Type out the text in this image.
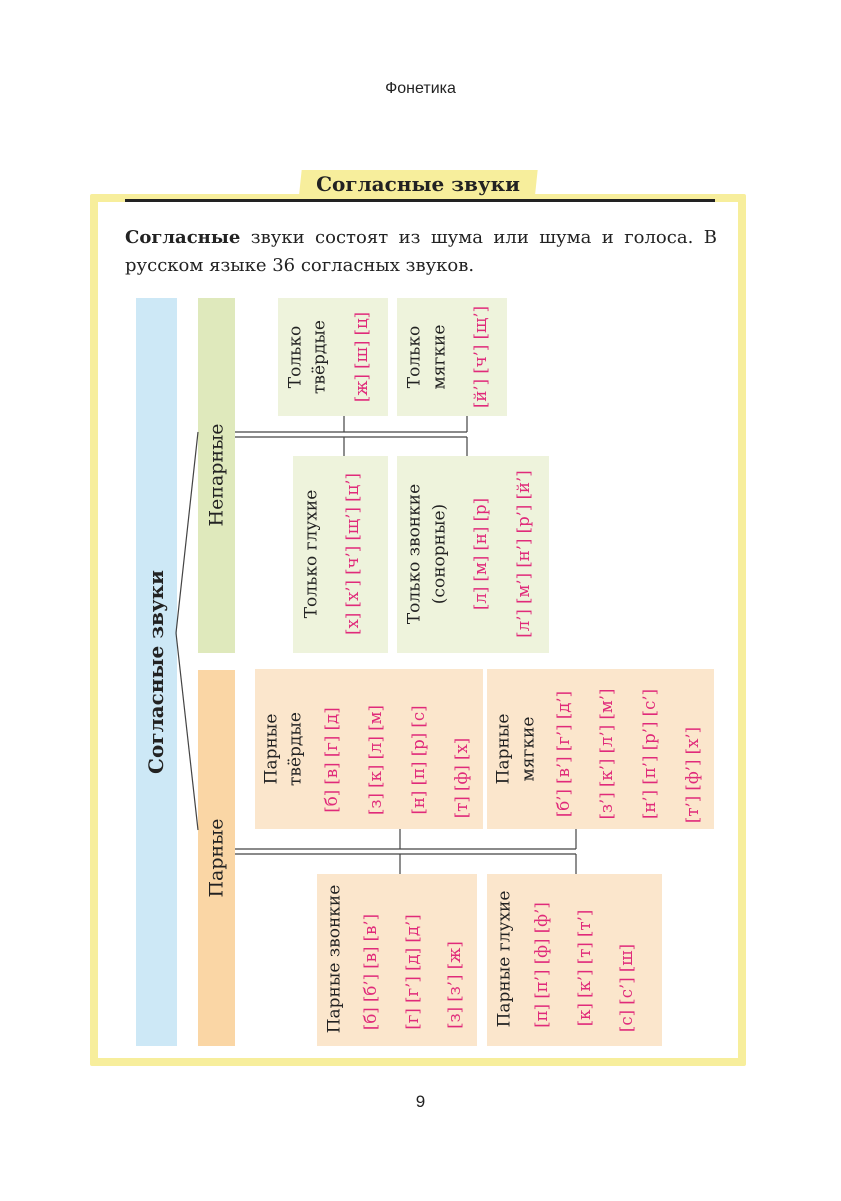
Фонетика
Согласные звуки
Согласные звуки состоят из шума или шума и голоса. В русском языке 36 согласных звуков.
Согласные звуки
Непарные
Парные
Только твёрдые [ж] [ш] [ц] Только мягкие [й’] [ч’] [щ’]
Только глухие [х] [х’] [ч’] [щ’] [ц’]	Только звонкие (сонорные) [л] [м] [н] [р] [л’] [м’] [н’] [р’] [й’]
Парные твёрдые [б] [в] [г] [д] [з] [к] [л] [м] [н] [п] [р] [с] [т] [ф] [х] Парные мягкие [б’] [в’] [г’] [д’] [з’] [к’] [л’] [м’] [н’] [п’] [р’] [с’] [т’] [ф’] [х’]
Парные звонкие [б] [б’] [в] [в’] [г] [г’] [д] [д’] [з] [з’] [ж] Парные глухие [п] [п’] [ф] [ф’] [к] [к’] [т] [т’] [с] [с’] [ш]
9
